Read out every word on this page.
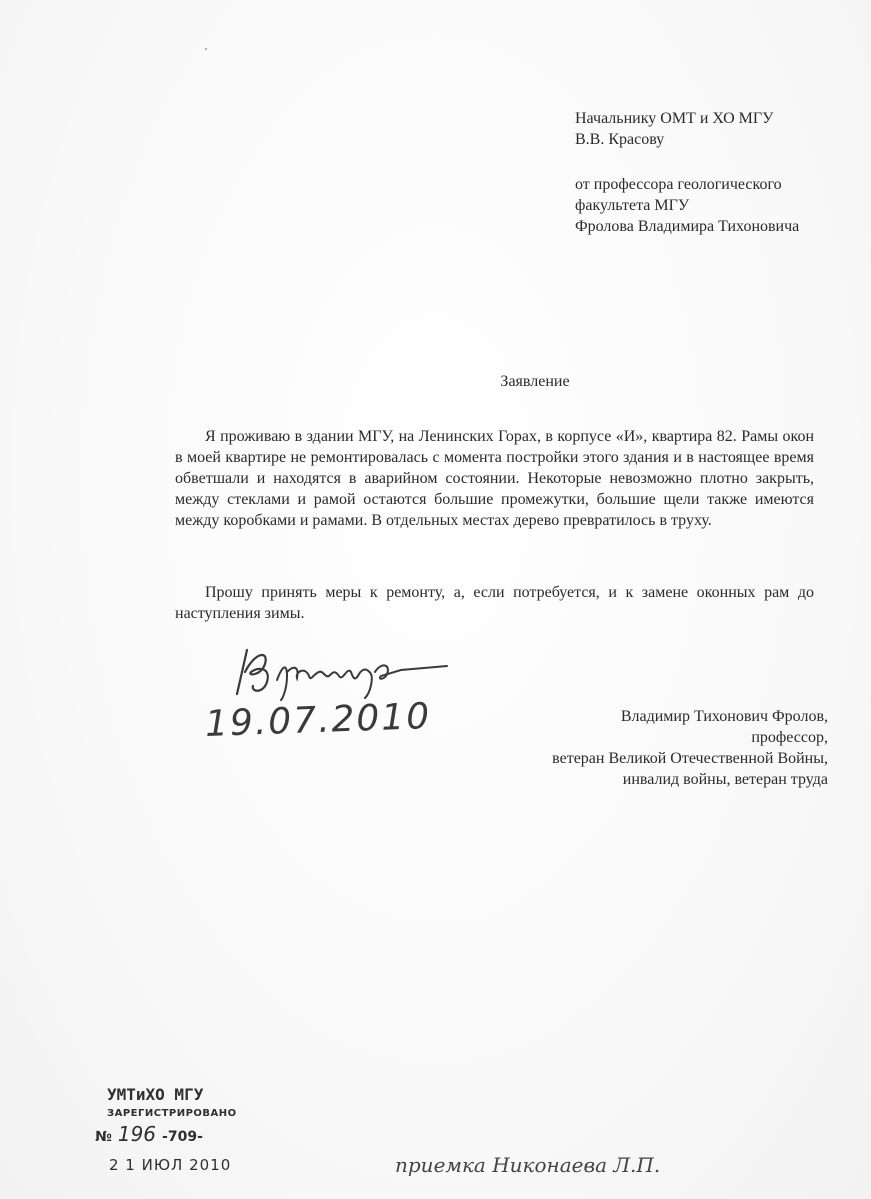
Начальнику ОМТ и ХО МГУ
В.В. Красову
от профессора геологического
факультета МГУ
Фролова Владимира Тихоновича
Заявление
Я проживаю в здании МГУ, на Ленинских Горах, в корпусе «И», квартира 82. Рамы окон в моей квартире не ремонтировалась с момента постройки этого здания и в настоящее время обветшали и находятся в аварийном состоянии. Некоторые невозможно плотно закрыть, между стеклами и рамой остаются большие промежутки, большие щели также имеются между коробками и рамами. В отдельных местах дерево превратилось в труху.
Прошу принять меры к ремонту, а, если потребуется, и к замене оконных рам до наступления зимы.
19.07.2010	Владимир Тихонович Фролов,
профессор,
ветеран Великой Отечественной Войны,
инвалид войны, ветеран труда
УМТиХО МГУ
ЗАРЕГИСТРИРОВАНО
№ 196 -709-
2 1 ИЮЛ 2010	приемка Никонаева Л.П.
